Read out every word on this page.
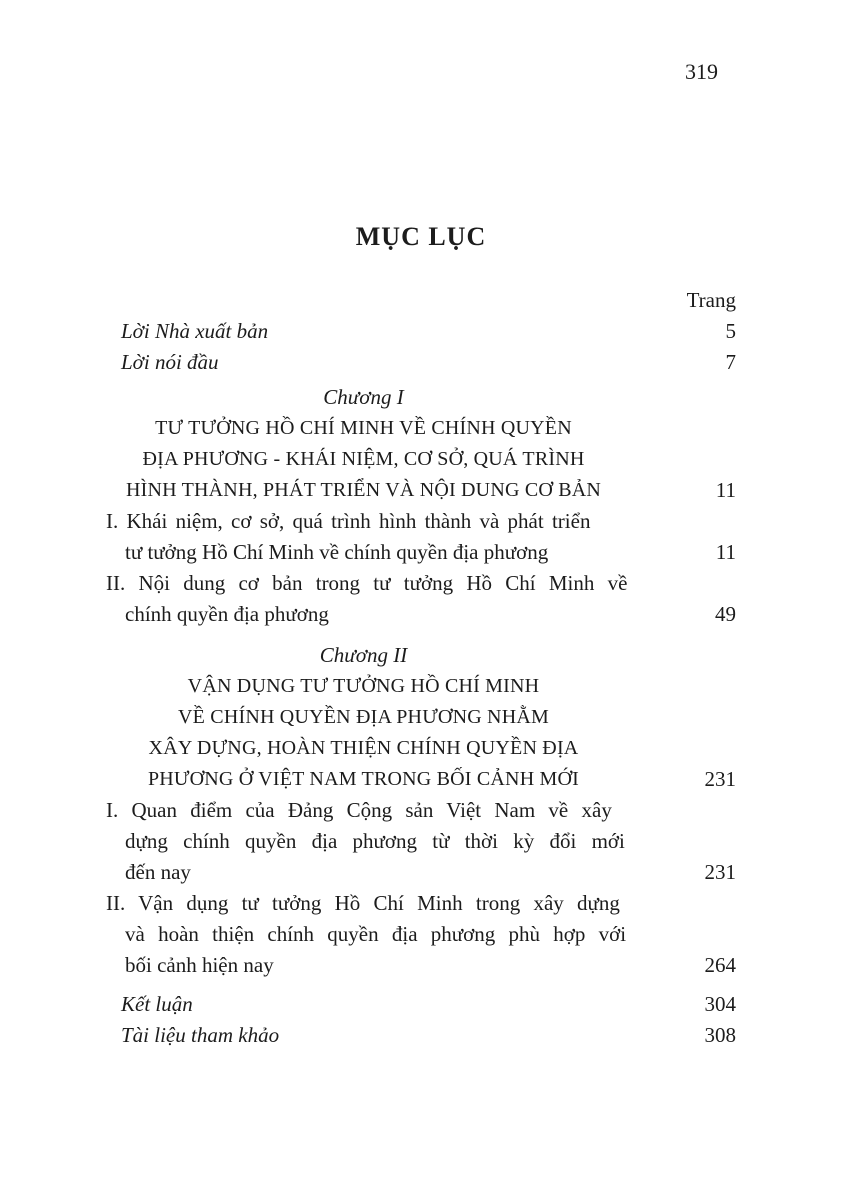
319
MỤC LỤC
Trang
Lời Nhà xuất bản	5
Lời nói đầu	7
Chương I
TƯ TƯỞNG HỒ CHÍ MINH VỀ CHÍNH QUYỀN
ĐỊA PHƯƠNG - KHÁI NIỆM, CƠ SỞ, QUÁ TRÌNH
HÌNH THÀNH, PHÁT TRIỂN VÀ NỘI DUNG CƠ BẢN	11
I. Khái niệm, cơ sở, quá trình hình thành và phát triển
tư tưởng Hồ Chí Minh về chính quyền địa phương	11
II. Nội dung cơ bản trong tư tưởng Hồ Chí Minh về
chính quyền địa phương	49
Chương II
VẬN DỤNG TƯ TƯỞNG HỒ CHÍ MINH
VỀ CHÍNH QUYỀN ĐỊA PHƯƠNG NHẰM
XÂY DỰNG, HOÀN THIỆN CHÍNH QUYỀN ĐỊA
PHƯƠNG Ở VIỆT NAM TRONG BỐI CẢNH MỚI	231
I. Quan điểm của Đảng Cộng sản Việt Nam về xây
dựng chính quyền địa phương từ thời kỳ đổi mới
đến nay	231
II. Vận dụng tư tưởng Hồ Chí Minh trong xây dựng
và hoàn thiện chính quyền địa phương phù hợp với
bối cảnh hiện nay	264
Kết luận	304
Tài liệu tham khảo	308
